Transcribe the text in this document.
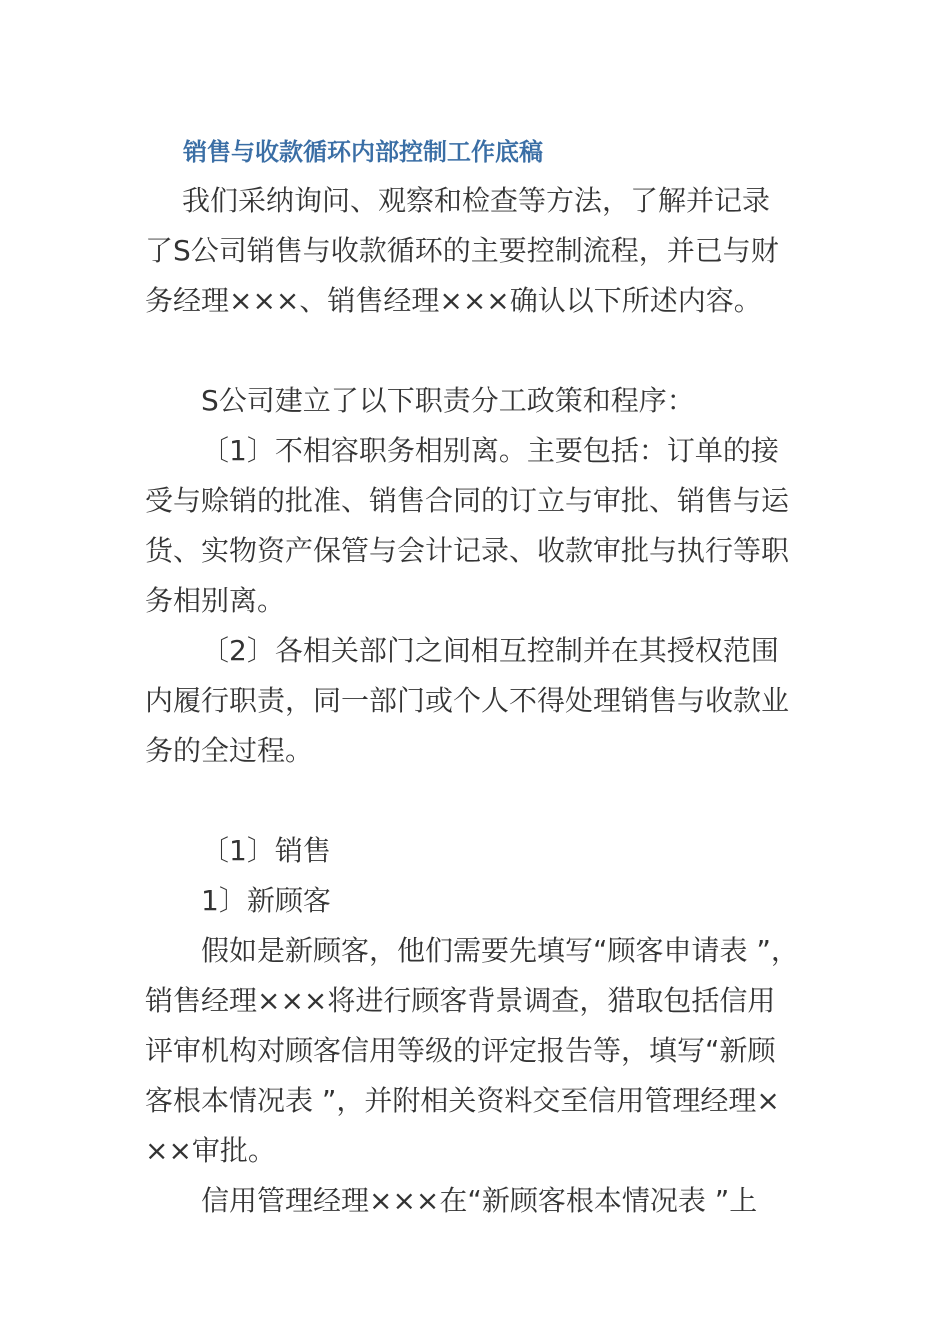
销售与收款循环内部控制工作底稿
我们采纳询问、观察和检查等方法，了解并记录
了S公司销售与收款循环的主要控制流程，并已与财
务经理×××、销售经理×××确认以下所述内容。
S公司建立了以下职责分工政策和程序：
〔1〕不相容职务相别离。主要包括：订单的接
受与赊销的批准、销售合同的订立与审批、销售与运
货、实物资产保管与会计记录、收款审批与执行等职
务相别离。
〔2〕各相关部门之间相互控制并在其授权范围
内履行职责，同一部门或个人不得处理销售与收款业
务的全过程。
〔1〕销售
1〕新顾客
假如是新顾客，他们需要先填写“顾客申请表 ”，
销售经理×××将进行顾客背景调查，猎取包括信用
评审机构对顾客信用等级的评定报告等，填写“新顾
客根本情况表 ”，并附相关资料交至信用管理经理×
××审批。
信用管理经理×××在“新顾客根本情况表 ”上
